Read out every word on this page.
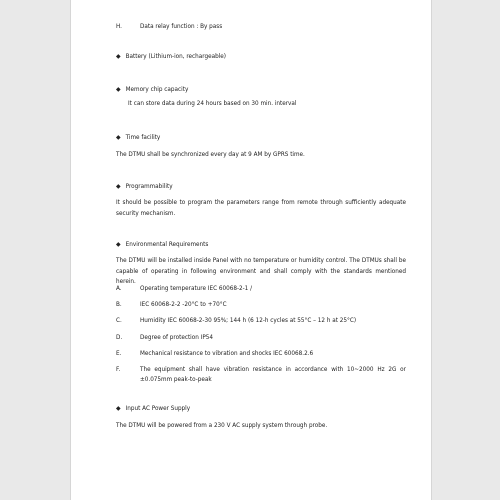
H.	Data relay function : By pass
◆ Battery (Lithium-ion, rechargeable)
◆ Memory chip capacity
It can store data during 24 hours based on 30 min. interval
◆ Time facility
The DTMU shall be synchronized every day at 9 AM by GPRS time.
◆ Programmability
It should be possible to program the parameters range from remote through sufficiently adequate security mechanism.
◆ Environmental Requirements
The DTMU will be installed inside Panel with no temperature or humidity control. The DTMUs shall be capable of operating in following environment and shall comply with the standards mentioned herein.
A.	Operating temperature IEC 60068-2-1 /
B.	IEC 60068-2-2 -20°C to +70°C
C.	Humidity IEC 60068-2-30 95%; 144 h (6 12-h cycles at 55°C – 12 h at 25°C)
D.	Degree of protection IP54
E.	Mechanical resistance to vibration and shocks IEC 60068.2.6
F.	The equipment shall have vibration resistance in accordance with 10~2000 Hz 2G or ±0.075mm peak-to-peak
◆ Input AC Power Supply
The DTMU will be powered from a 230 V AC supply system through probe.
